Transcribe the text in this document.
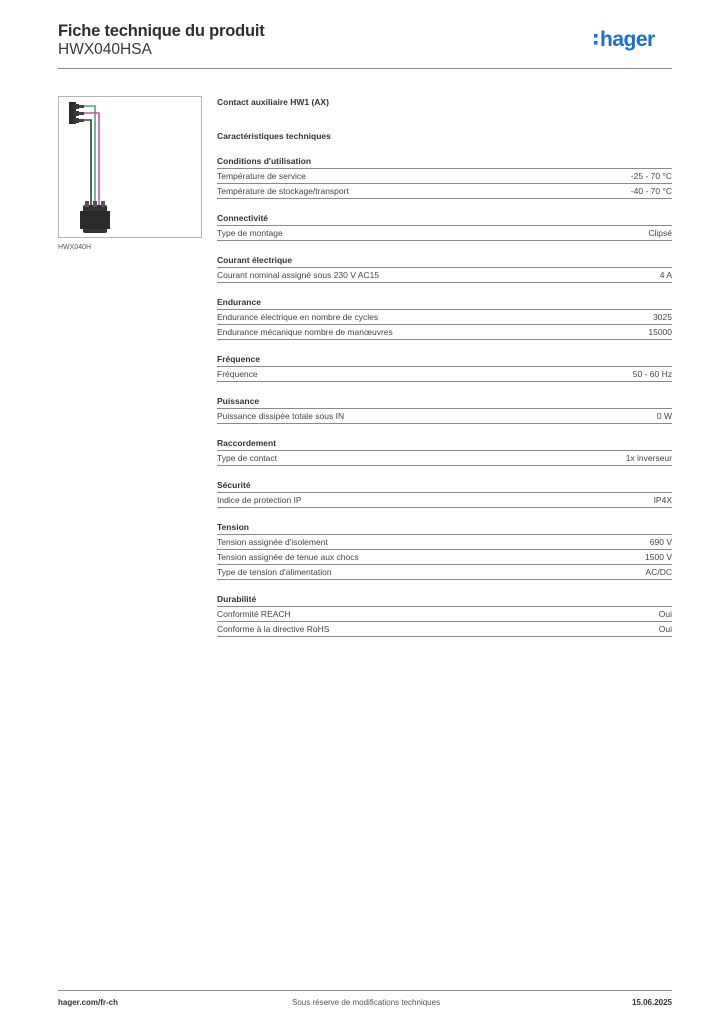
Fiche technique du produit
HWX040HSA	hager
HWX040H
Contact auxiliaire HW1 (AX)
Caractéristiques techniques
Conditions d'utilisation
Température de service	-25 - 70 °C
Température de stockage/transport	-40 - 70 °C
Connectivité
Type de montage	Clipsé
Courant électrique
Courant nominal assigné sous 230 V AC15	4 A
Endurance
Endurance électrique en nombre de cycles	3025
Endurance mécanique nombre de manœuvres	15000
Fréquence
Fréquence	50 - 60 Hz
Puissance
Puissance dissipée totale sous IN	0 W
Raccordement
Type de contact	1x inverseur
Sécurité
Indice de protection IP	IP4X
Tension
Tension assignée d'isolement	690 V
Tension assignée de tenue aux chocs	1500 V
Type de tension d'alimentation	AC/DC
Durabilité
Conformité REACH	Oui
Conforme à la directive RoHS	Oui
hager.com/fr-ch	Sous réserve de modifications techniques	15.06.2025
